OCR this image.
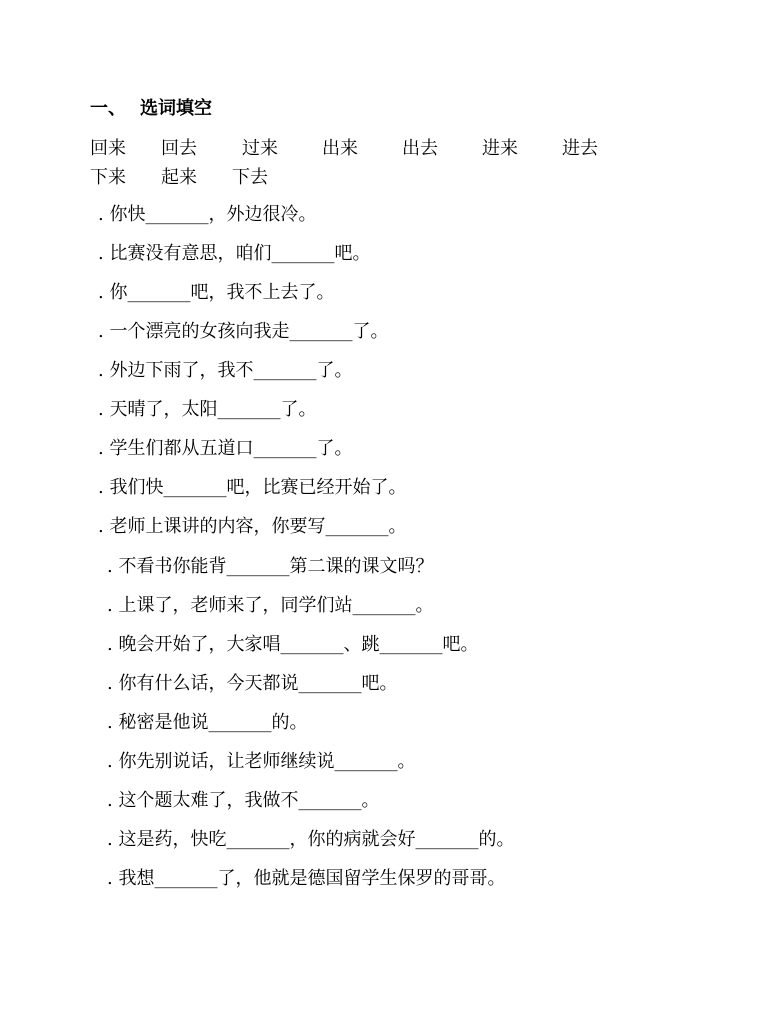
一、 选词填空
回来 回去	过来 出来 出去 进来 进去
下来 起来 下去
. 你快_______，外边很冷。
. 比赛没有意思，咱们_______吧。
. 你_______吧，我不上去了。
. 一个漂亮的女孩向我走_______了。
. 外边下雨了，我不_______了。
. 天晴了，太阳_______了。
. 学生们都从五道口_______了。
. 我们快_______吧，比赛已经开始了。
. 老师上课讲的内容，你要写_______。
. 不看书你能背_______第二课的课文吗？
. 上课了，老师来了，同学们站_______。
. 晚会开始了，大家唱_______、跳_______吧。
. 你有什么话，今天都说_______吧。
. 秘密是他说_______的。
. 你先别说话，让老师继续说_______。
. 这个题太难了，我做不_______。
. 这是药，快吃_______，你的病就会好_______的。
. 我想_______了，他就是德国留学生保罗的哥哥。
